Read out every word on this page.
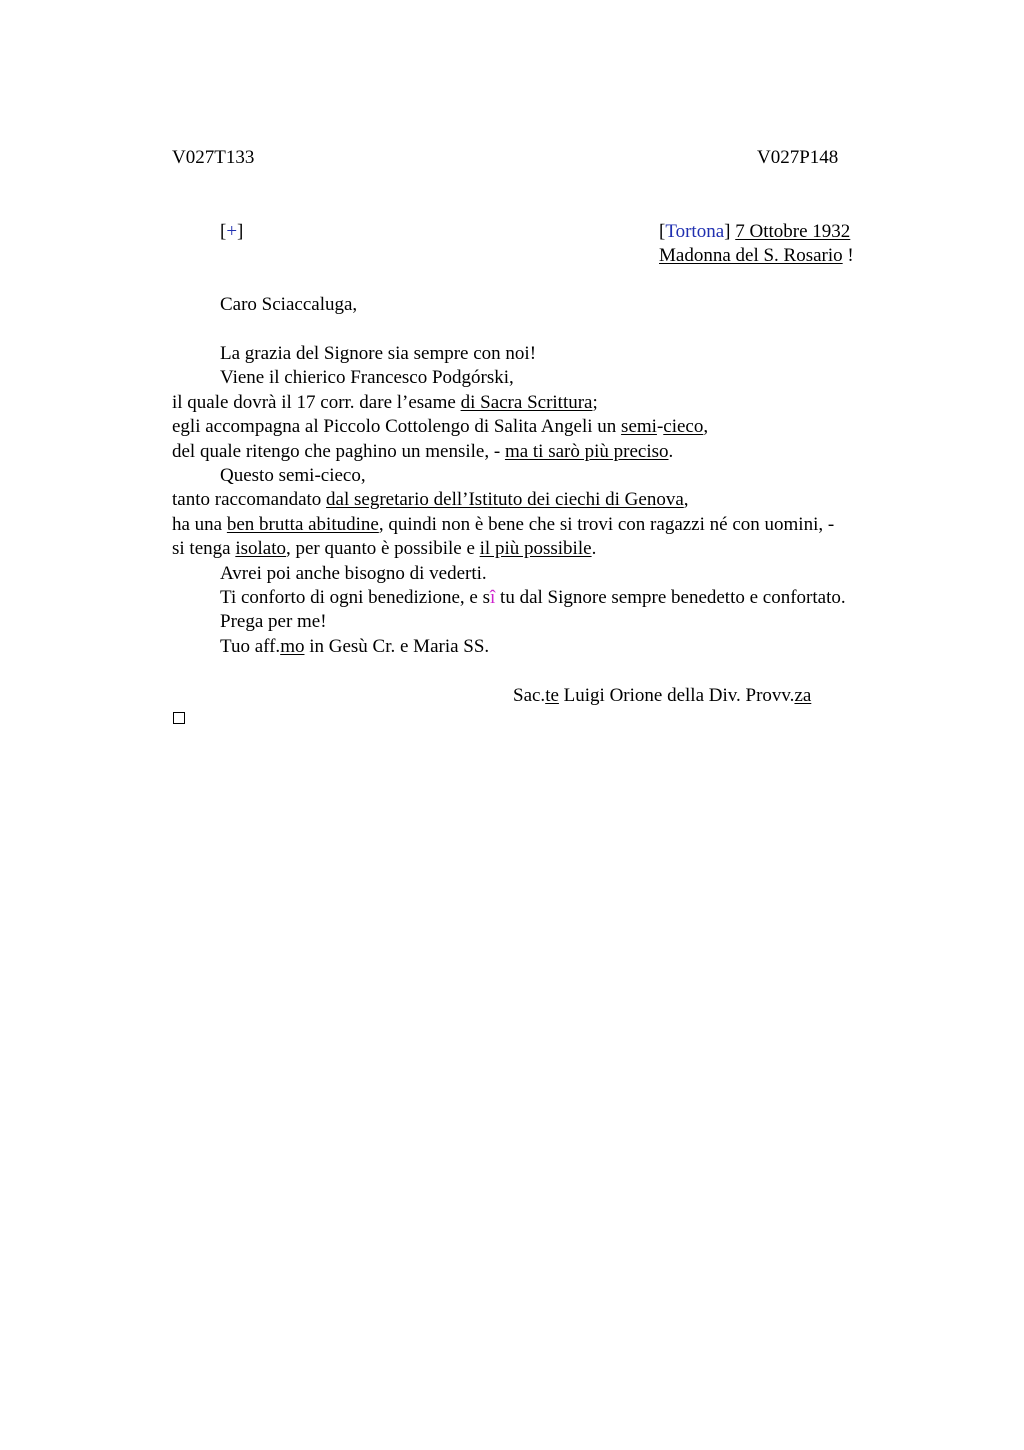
V027T133	V027P148
[+]	[Tortona] 7 Ottobre 1932
Madonna del S. Rosario !
Caro Sciaccaluga,
La grazia del Signore sia sempre con noi!
Viene il chierico Francesco Podgórski,
il quale dovrà il 17 corr. dare l’esame di Sacra Scrittura;
egli accompagna al Piccolo Cottolengo di Salita Angeli un semi-cieco,
del quale ritengo che paghino un mensile, - ma ti sarò più preciso.
Questo semi-cieco,
tanto raccomandato dal segretario dell’Istituto dei ciechi di Genova,
ha una ben brutta abitudine, quindi non è bene che si trovi con ragazzi né con uomini, -
si tenga isolato, per quanto è possibile e il più possibile.
Avrei poi anche bisogno di vederti.
Ti conforto di ogni benedizione, e sî tu dal Signore sempre benedetto e confortato.
Prega per me!
Tuo aff.mo in Gesù Cr. e Maria SS.
Sac.te Luigi Orione della Div. Provv.za
